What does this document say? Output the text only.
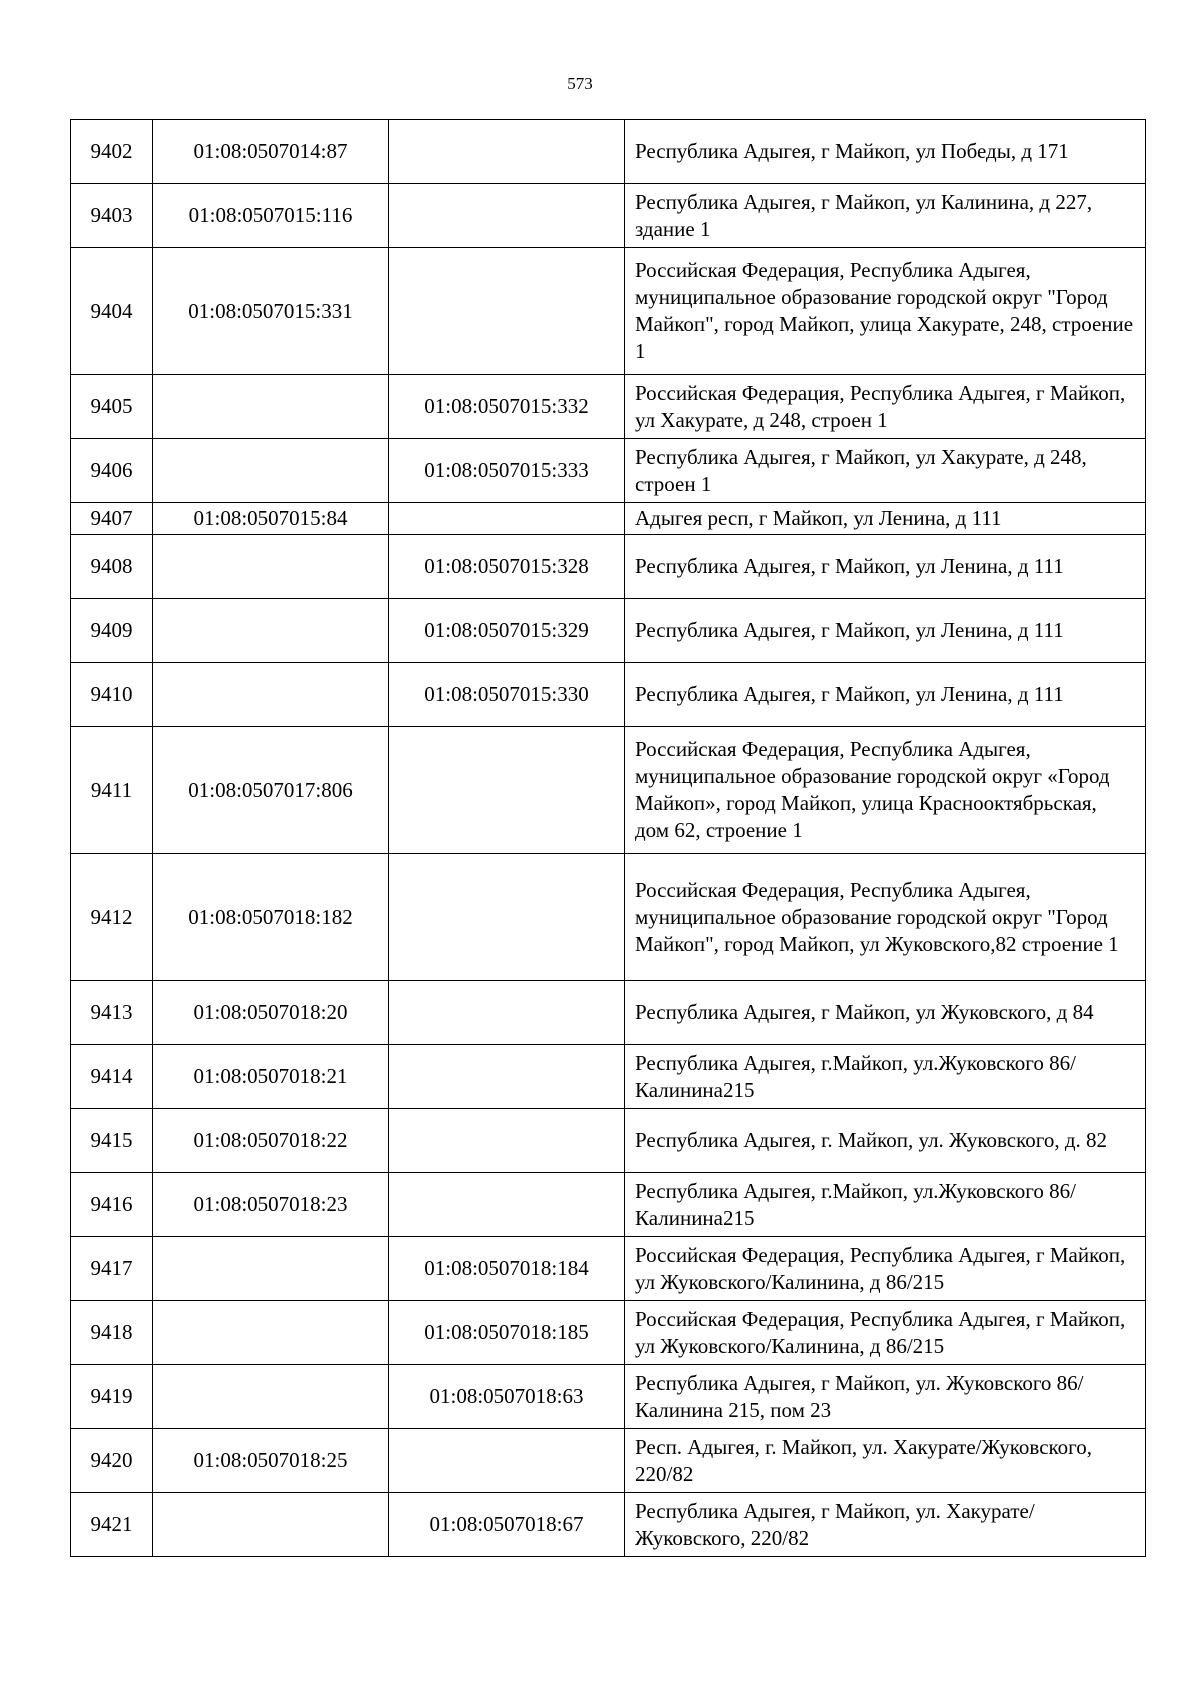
573
9402	01:08:0507014:87		Республика Адыгея, г Майкоп, ул Победы, д 171
9403	01:08:0507015:116		Республика Адыгея, г Майкоп, ул Калинина, д 227, здание 1
9404	01:08:0507015:331		Российская Федерация, Республика Адыгея, муниципальное образование городской округ "Город Майкоп", город Майкоп, улица Хакурате, 248, строение 1
9405		01:08:0507015:332	Российская Федерация, Республика Адыгея, г Майкоп, ул Хакурате, д 248, строен 1
9406		01:08:0507015:333	Республика Адыгея, г Майкоп, ул Хакурате, д 248, строен 1
9407	01:08:0507015:84		Адыгея респ, г Майкоп, ул Ленина, д 111
9408		01:08:0507015:328	Республика Адыгея, г Майкоп, ул Ленина, д 111
9409		01:08:0507015:329	Республика Адыгея, г Майкоп, ул Ленина, д 111
9410		01:08:0507015:330	Республика Адыгея, г Майкоп, ул Ленина, д 111
9411	01:08:0507017:806		Российская Федерация, Республика Адыгея, муниципальное образование городской округ «Город Майкоп», город Майкоп, улица Краснооктябрьская, дом 62, строение 1
9412	01:08:0507018:182		Российская Федерация, Республика Адыгея, муниципальное образование городской округ "Город Майкоп", город Майкоп, ул Жуковского,82 строение 1
9413	01:08:0507018:20		Республика Адыгея, г Майкоп, ул Жуковского, д 84
9414	01:08:0507018:21		Республика Адыгея, г.Майкоп, ул.Жуковского 86/Калинина215
9415	01:08:0507018:22		Республика Адыгея, г. Майкоп, ул. Жуковского, д. 82
9416	01:08:0507018:23		Республика Адыгея, г.Майкоп, ул.Жуковского 86/Калинина215
9417		01:08:0507018:184	Российская Федерация, Республика Адыгея, г Майкоп, ул Жуковского/Калинина, д 86/215
9418		01:08:0507018:185	Российская Федерация, Республика Адыгея, г Майкоп, ул Жуковского/Калинина, д 86/215
9419		01:08:0507018:63	Республика Адыгея, г Майкоп, ул. Жуковского 86/Калинина 215, пом 23
9420	01:08:0507018:25		Респ. Адыгея, г. Майкоп, ул. Хакурате/Жуковского, 220/82
9421		01:08:0507018:67	Республика Адыгея, г Майкоп, ул. Хакурате/Жуковского, 220/82
